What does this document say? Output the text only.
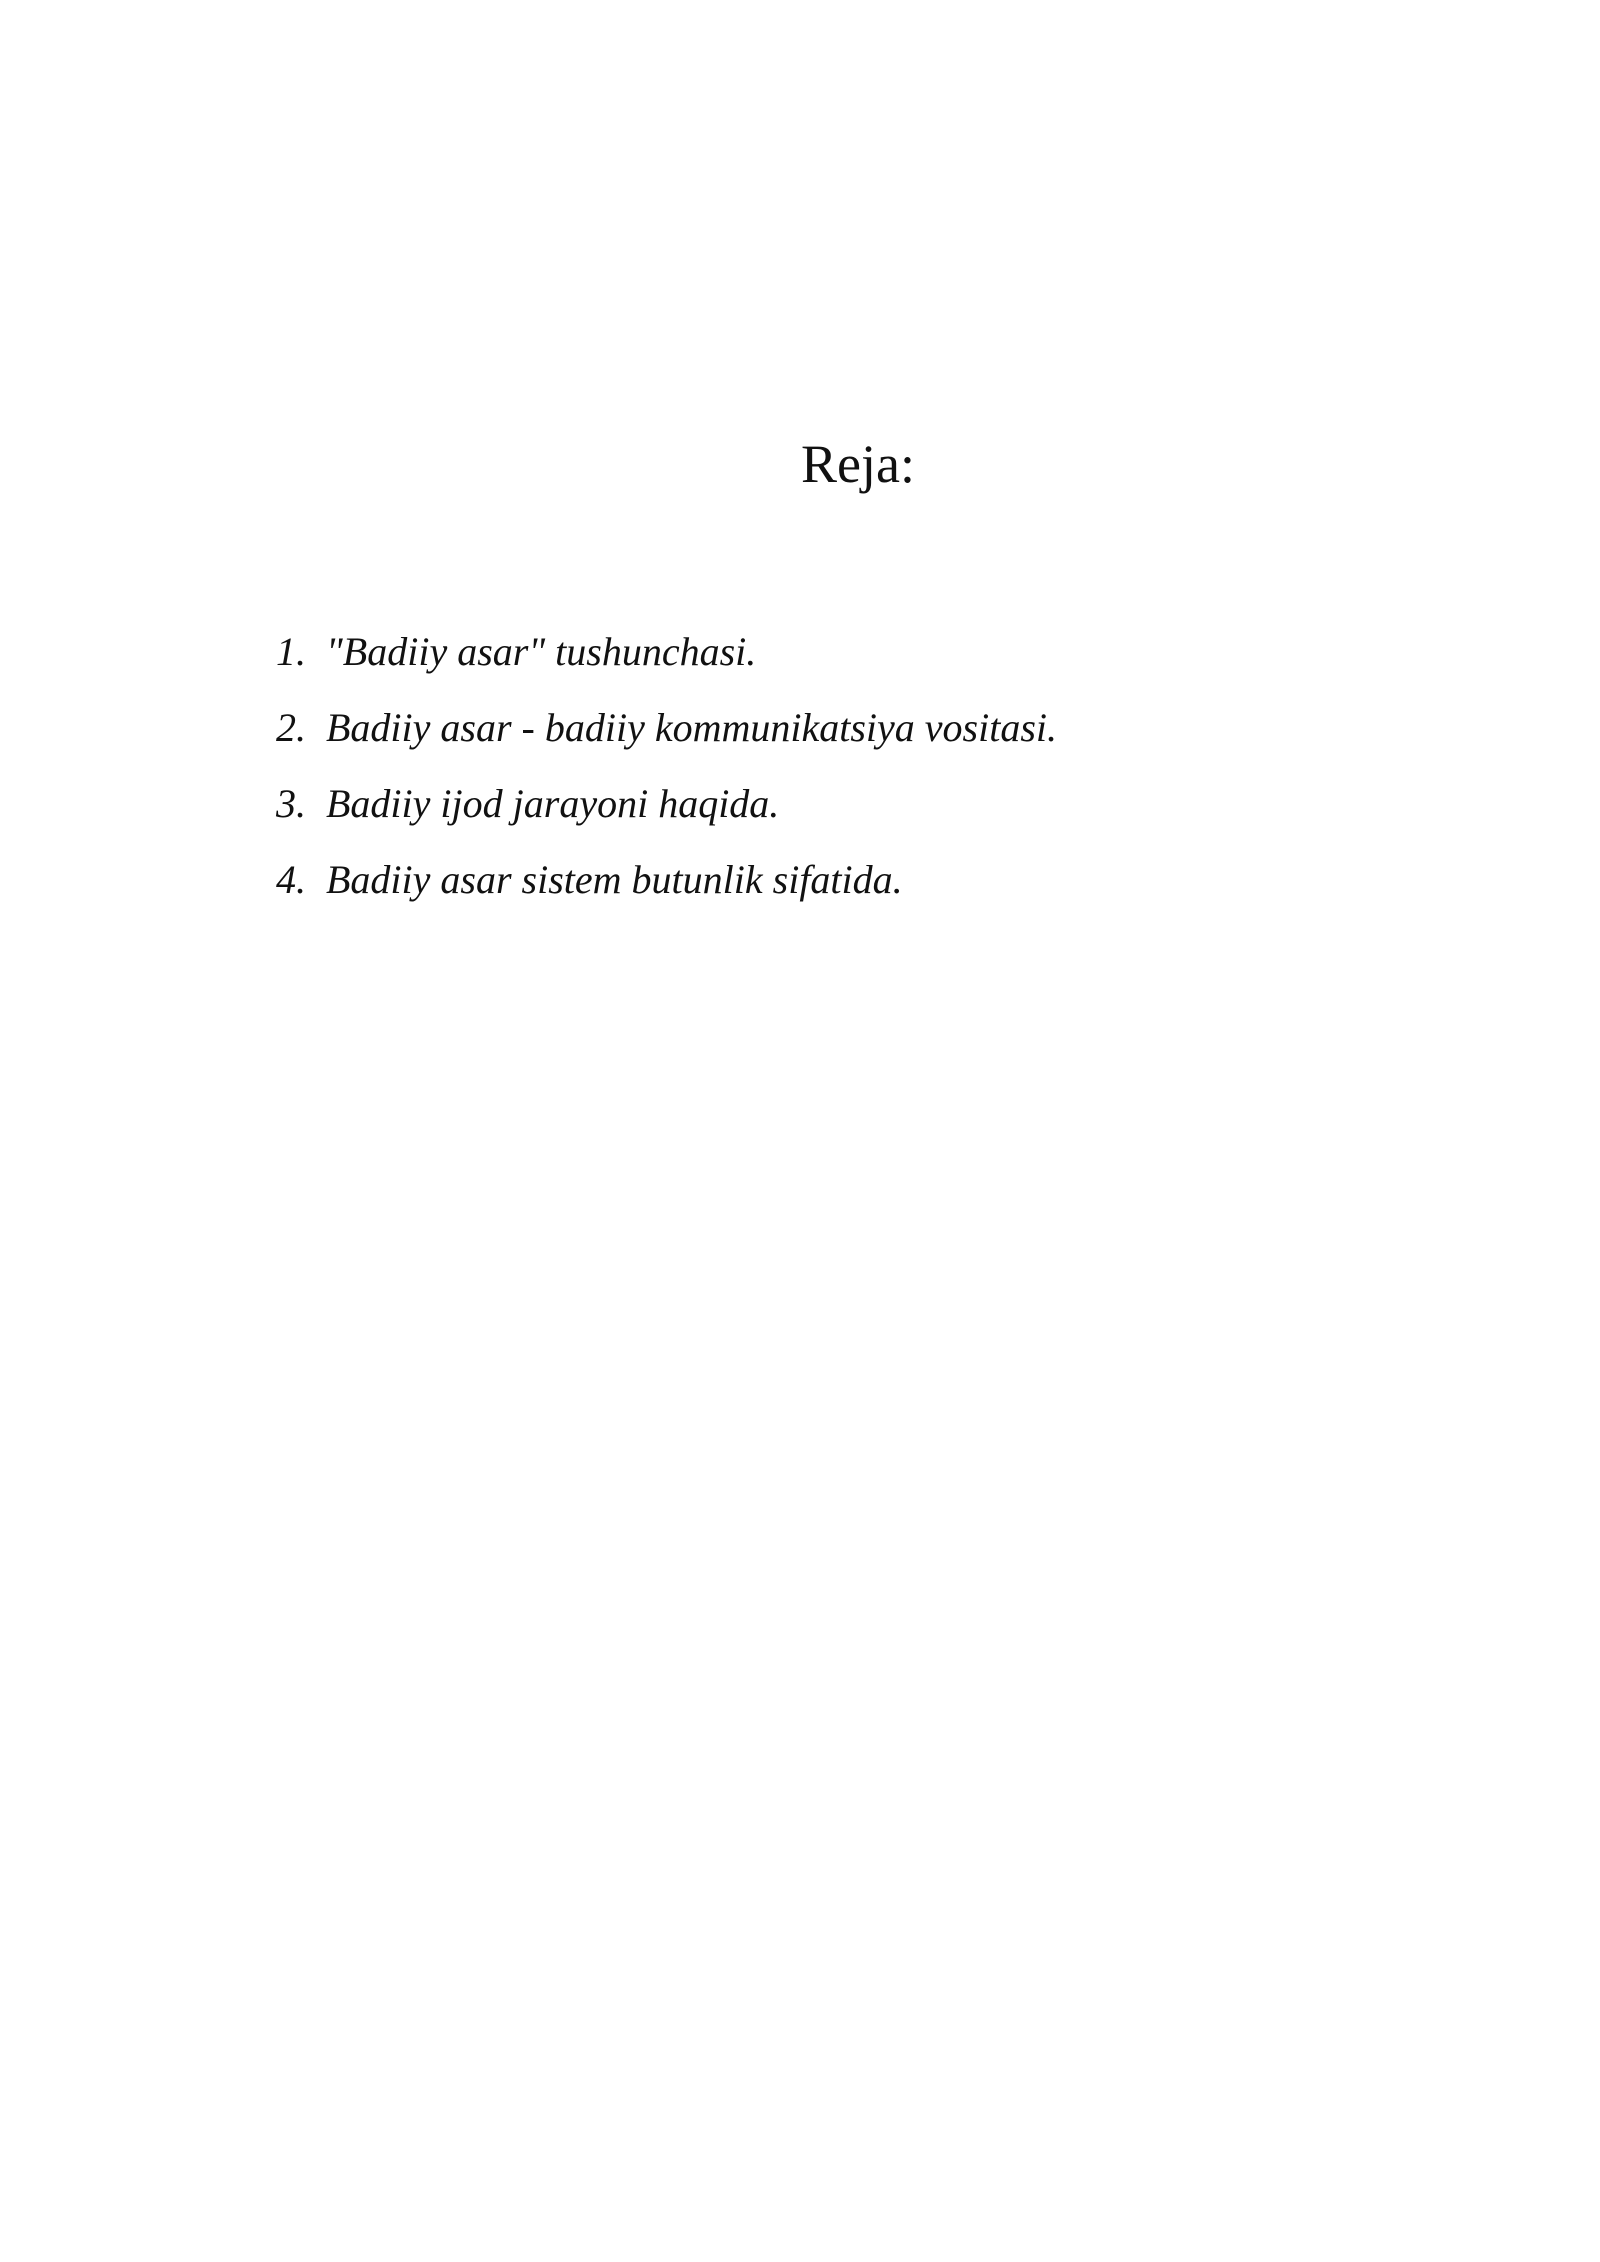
Reja:
1. "Badiiy asar" tushunchasi.
2. Badiiy asar - badiiy kommunikatsiya vositasi.
3. Badiiy ijod jarayoni haqida.
4. Badiiy asar sistem butunlik sifatida.
